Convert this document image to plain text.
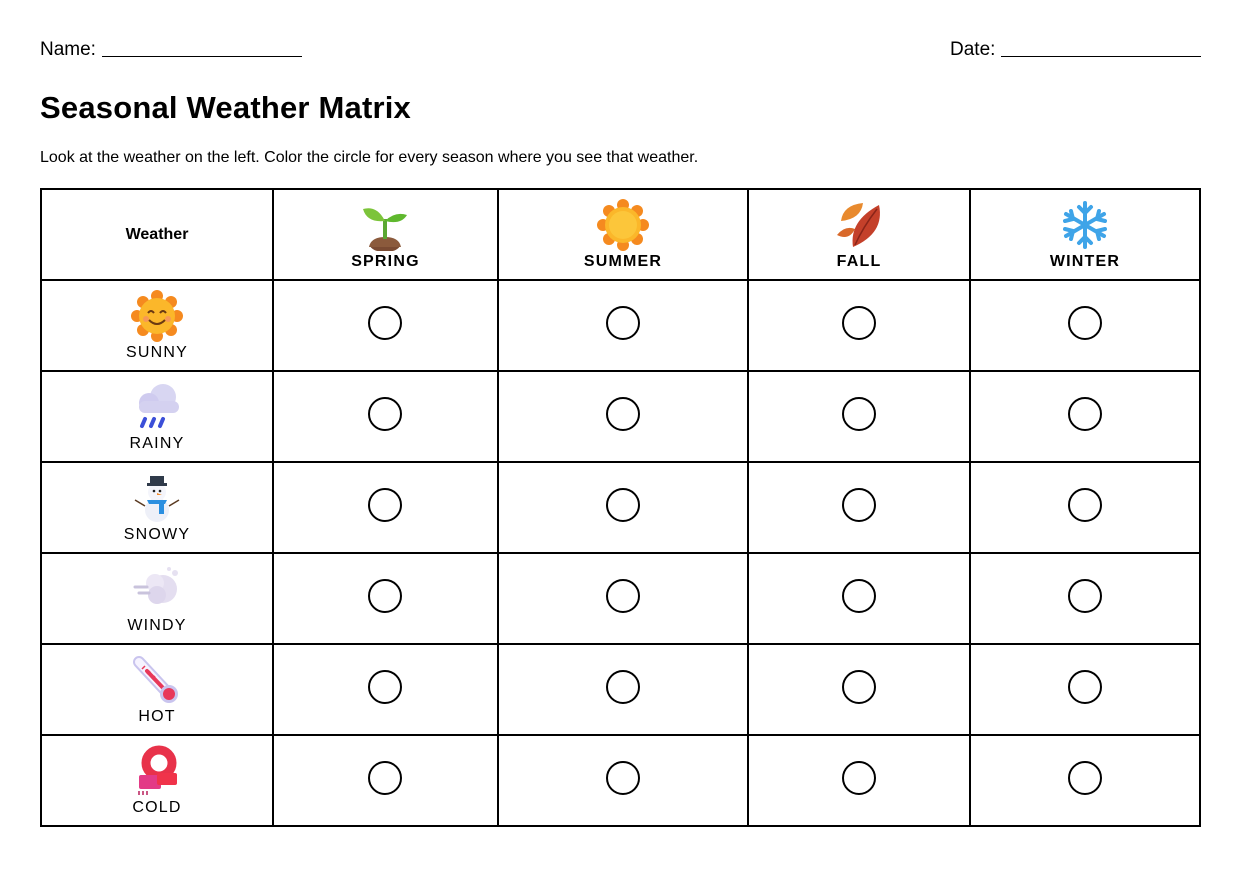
Name:	Date:
Seasonal Weather Matrix

Look at the weather on the left. Color the circle for every season where you see that weather.

Weather	SPRING	SUMMER	FALL	WINTER

SUNNY				

RAINY				

SNOWY				

WINDY				

HOT				

COLD				
